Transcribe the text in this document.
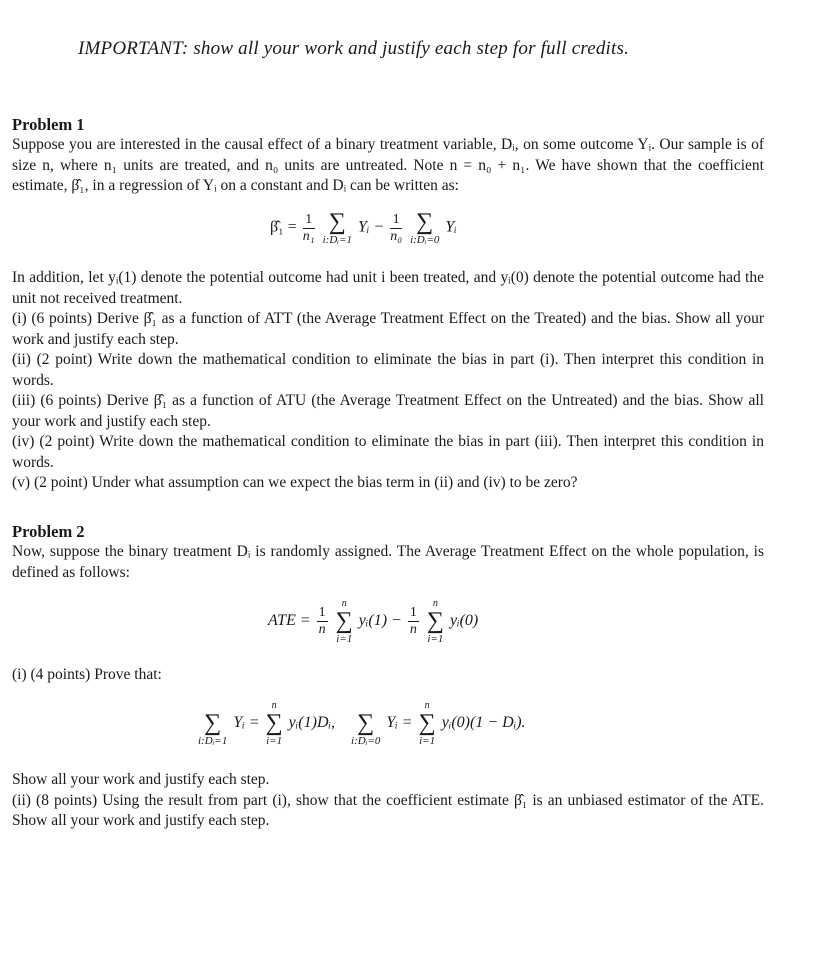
IMPORTANT: show all your work and justify each step for full credits.

Problem 1

Suppose you are interested in the causal effect of a binary treatment variable, Dᵢ, on some outcome Yᵢ. Our sample is of size n, where n₁ units are treated, and n₀ units are untreated. Note n = n₀ + n₁. We have shown that the coefficient estimate, β̂₁, in a regression of Yᵢ on a constant and Dᵢ can be written as:

β̂₁ = $\frac{1}{\text{n₁}}$
∑
i:Dᵢ=1
Yᵢ − $\frac{1}{\text{n₀}}$
∑
i:Dᵢ=0
Yᵢ

In addition, let yᵢ(1) denote the potential outcome had unit i been treated, and yᵢ(0) denote the potential outcome had the unit not received treatment.

(i) (6 points) Derive β̂₁ as a function of ATT (the Average Treatment Effect on the Treated) and the bias. Show all your work and justify each step.

(ii) (2 point) Write down the mathematical condition to eliminate the bias in part (i). Then interpret this condition in words.

(iii) (6 points) Derive β̂₁ as a function of ATU (the Average Treatment Effect on the Untreated) and the bias. Show all your work and justify each step.

(iv) (2 point) Write down the mathematical condition to eliminate the bias in part (iii). Then interpret this condition in words.

(v) (2 point) Under what assumption can we expect the bias term in (ii) and (iv) to be zero?

Problem 2

Now, suppose the binary treatment Dᵢ is randomly assigned. The Average Treatment Effect on the whole population, is defined as follows:

ATE = $\frac{1}{n}$

n
∑
i=1
yᵢ(1) − $\frac{1}{n}$

n
∑
i=1
yᵢ(0)

(i) (4 points) Prove that:

∑
i:Dᵢ=1
Yᵢ =
n
∑
i=1
yᵢ(1)Dᵢ, ∑
i:Dᵢ=0
Yᵢ =
n
∑
i=1
yᵢ(0)(1 − Dᵢ).

Show all your work and justify each step.

(ii) (8 points) Using the result from part (i), show that the coefficient estimate β̂₁ is an unbiased estimator of the ATE. Show all your work and justify each step.
